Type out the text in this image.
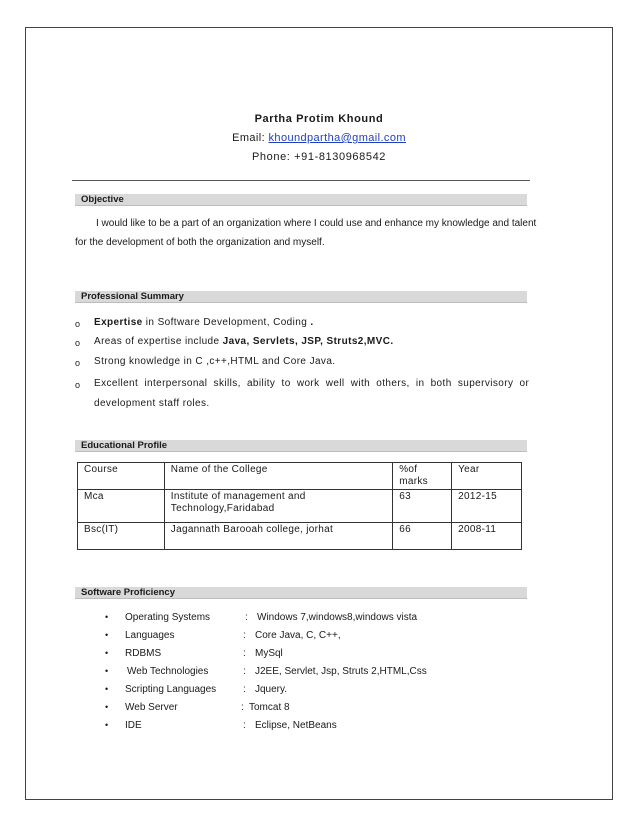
Partha Protim Khound
Email: khoundpartha@gmail.com
Phone: +91-8130968542
Objective
I would like to be a part of an organization where I could use and enhance my knowledge and talent
for the development of both the organization and myself.
Professional Summary
o Expertise in Software Development, Coding .
o Areas of expertise include Java, Servlets, JSP, Struts2,MVC.
o Strong knowledge in C ,c++,HTML and Core Java.
o Excellent interpersonal skills, ability to work well with others, in both supervisory or
development staff roles.
Educational Profile
Course	Name of the College	%of marks	Year
Mca	Institute of management and Technology,Faridabad	63	2012-15
Bsc(IT)	Jagannath Barooah college, jorhat	66	2008-11
Software Proficiency
• Operating Systems	: Windows 7,windows8,windows vista
• Languages	: Core Java, C, C++,
• RDBMS	: MySql
• Web Technologies	: J2EE, Servlet, Jsp, Struts 2,HTML,Css
• Scripting Languages	: Jquery.
• Web Server	: Tomcat 8
• IDE	: Eclipse, NetBeans
